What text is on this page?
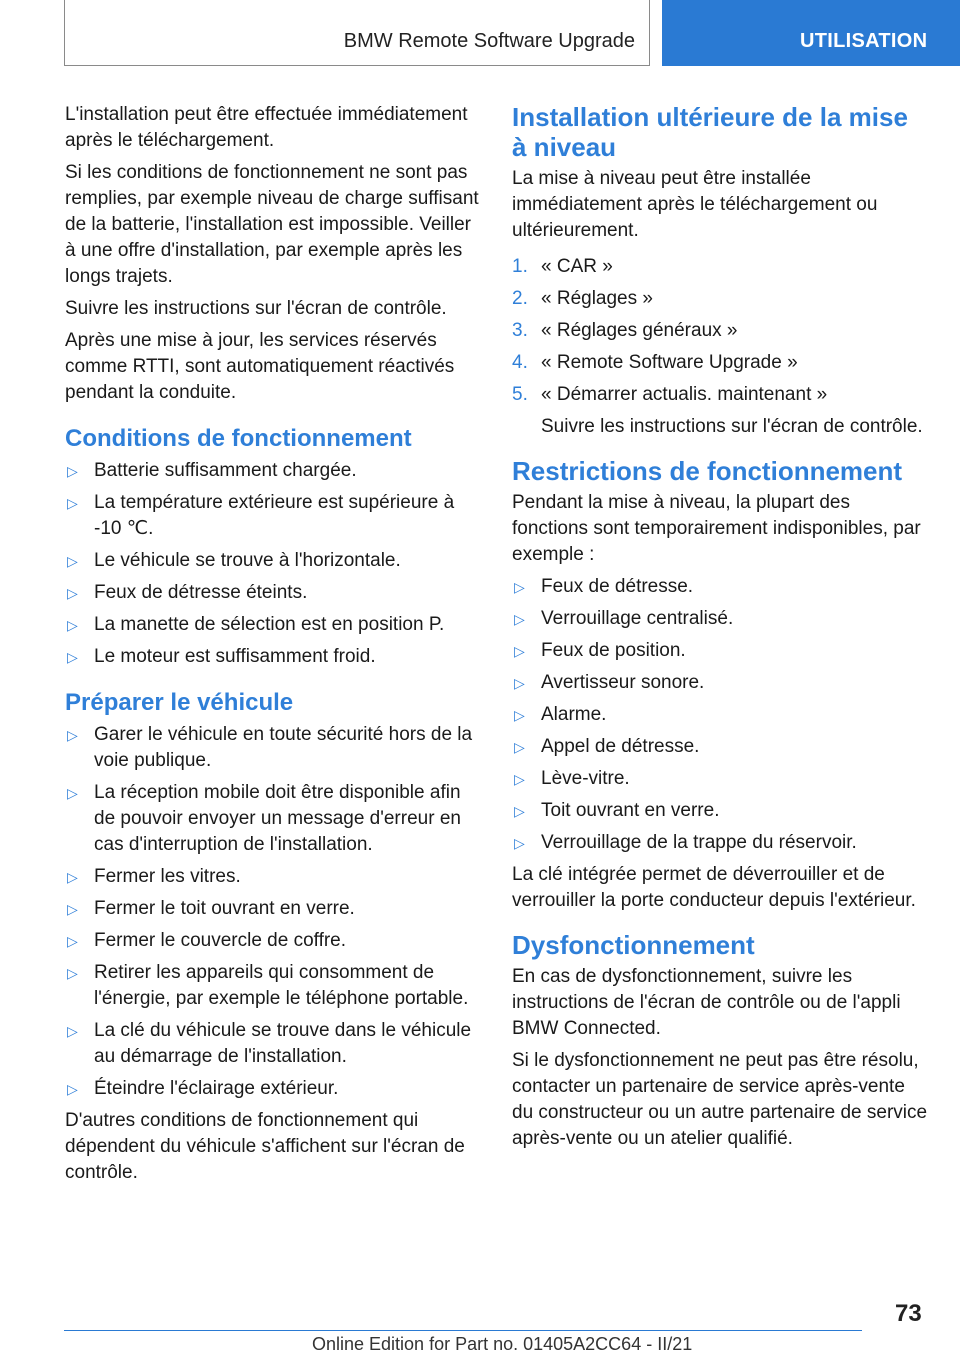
BMW Remote Software Upgrade	UTILISATION

L'installation peut être effectuée immédiatement après le téléchargement.

Si les conditions de fonctionnement ne sont pas remplies, par exemple niveau de charge suffisant de la batterie, l'installation est impossible. Veiller à une offre d'installation, par exemple après les longs trajets.

Suivre les instructions sur l'écran de contrôle.

Après une mise à jour, les services réservés comme RTTI, sont automatiquement réactivés pendant la conduite.

Conditions de fonctionnement
▷ Batterie suffisamment chargée.
▷ La température extérieure est supérieure à -10 ℃.
▷ Le véhicule se trouve à l'horizontale.
▷ Feux de détresse éteints.
▷ La manette de sélection est en position P.
▷ Le moteur est suffisamment froid.
Préparer le véhicule
▷ Garer le véhicule en toute sécurité hors de la voie publique.
▷ La réception mobile doit être disponible afin de pouvoir envoyer un message d'erreur en cas d'interruption de l'installation.
▷ Fermer les vitres.
▷ Fermer le toit ouvrant en verre.
▷ Fermer le couvercle de coffre.
▷ Retirer les appareils qui consomment de l'énergie, par exemple le téléphone portable.
▷ La clé du véhicule se trouve dans le véhicule au démarrage de l'installation.
▷ Éteindre l'éclairage extérieur.

D'autres conditions de fonctionnement qui dépendent du véhicule s'affichent sur l'écran de contrôle.

Installation ultérieure de la mise à niveau

La mise à niveau peut être installée immédiatement après le téléchargement ou ultérieurement.

1. « CAR »
2. « Réglages »
3. « Réglages généraux »
4. « Remote Software Upgrade »
5. « Démarrer actualis. maintenant »
Suivre les instructions sur l'écran de contrôle.
Restrictions de fonctionnement

Pendant la mise à niveau, la plupart des fonctions sont temporairement indisponibles, par exemple :

▷ Feux de détresse.
▷ Verrouillage centralisé.
▷ Feux de position.
▷ Avertisseur sonore.
▷ Alarme.
▷ Appel de détresse.
▷ Lève-vitre.
▷ Toit ouvrant en verre.
▷ Verrouillage de la trappe du réservoir.

La clé intégrée permet de déverrouiller et de verrouiller la porte conducteur depuis l'extérieur.

Dysfonctionnement

En cas de dysfonctionnement, suivre les instructions de l'écran de contrôle ou de l'appli BMW Connected.

Si le dysfonctionnement ne peut pas être résolu, contacter un partenaire de service après-vente du constructeur ou un autre partenaire de service après-vente ou un atelier qualifié.

73
Online Edition for Part no. 01405A2CC64 - II/21
